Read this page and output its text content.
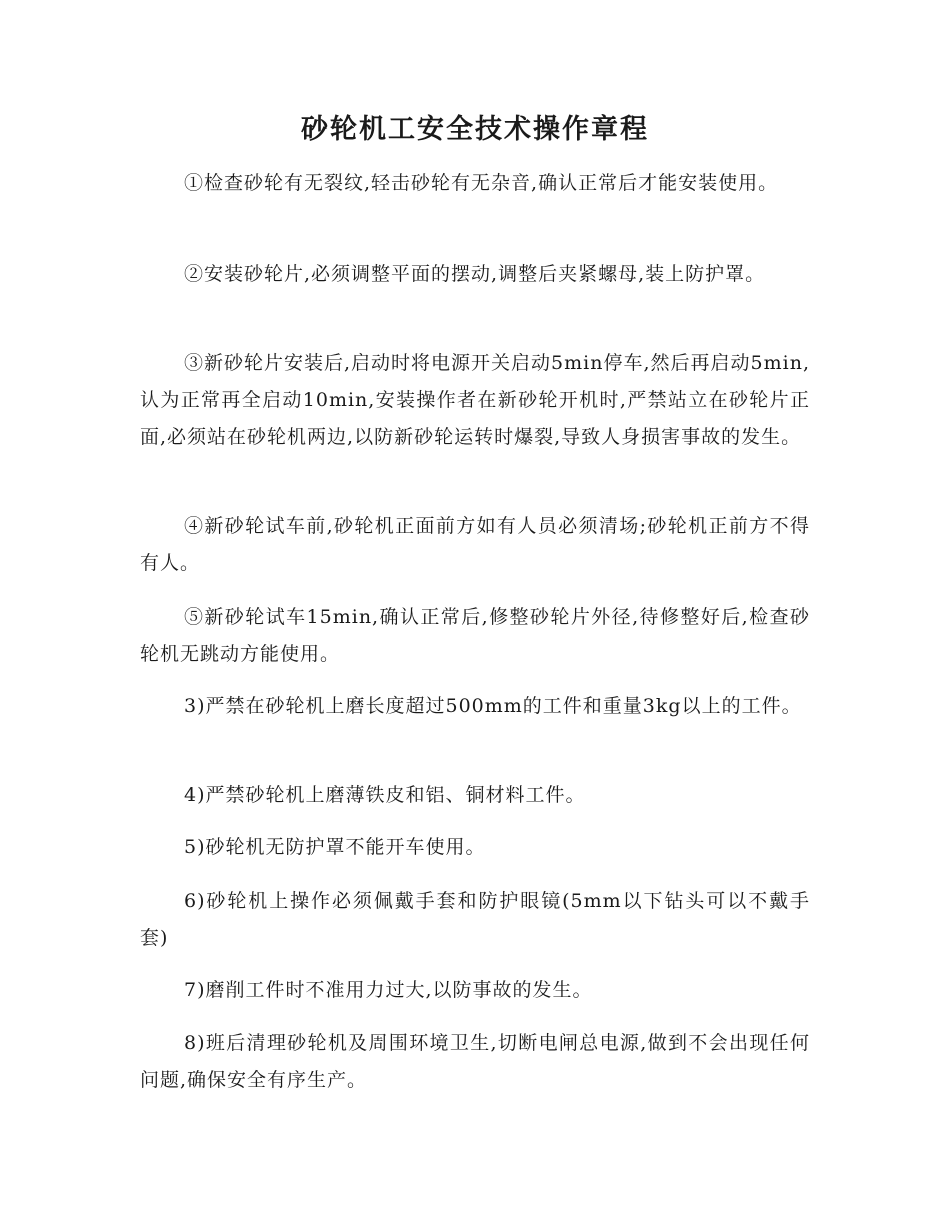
砂轮机工安全技术操作章程

①检查砂轮有无裂纹,轻击砂轮有无杂音,确认正常后才能安装使用。

②安装砂轮片,必须调整平面的摆动,调整后夹紧螺母,装上防护罩。

③新砂轮片安装后,启动时将电源开关启动5min停车,然后再启动5min,认为正常再全启动10min,安装操作者在新砂轮开机时,严禁站立在砂轮片正面,必须站在砂轮机两边,以防新砂轮运转时爆裂,导致人身损害事故的发生。

④新砂轮试车前,砂轮机正面前方如有人员必须清场;砂轮机正前方不得有人。

⑤新砂轮试车15min,确认正常后,修整砂轮片外径,待修整好后,检查砂轮机无跳动方能使用。

3)严禁在砂轮机上磨长度超过500mm的工件和重量3kg以上的工件。

4)严禁砂轮机上磨薄铁皮和铝、铜材料工件。

5)砂轮机无防护罩不能开车使用。

6)砂轮机上操作必须佩戴手套和防护眼镜(5mm以下钻头可以不戴手套)

7)磨削工件时不准用力过大,以防事故的发生。

8)班后清理砂轮机及周围环境卫生,切断电闸总电源,做到不会出现任何问题,确保安全有序生产。
